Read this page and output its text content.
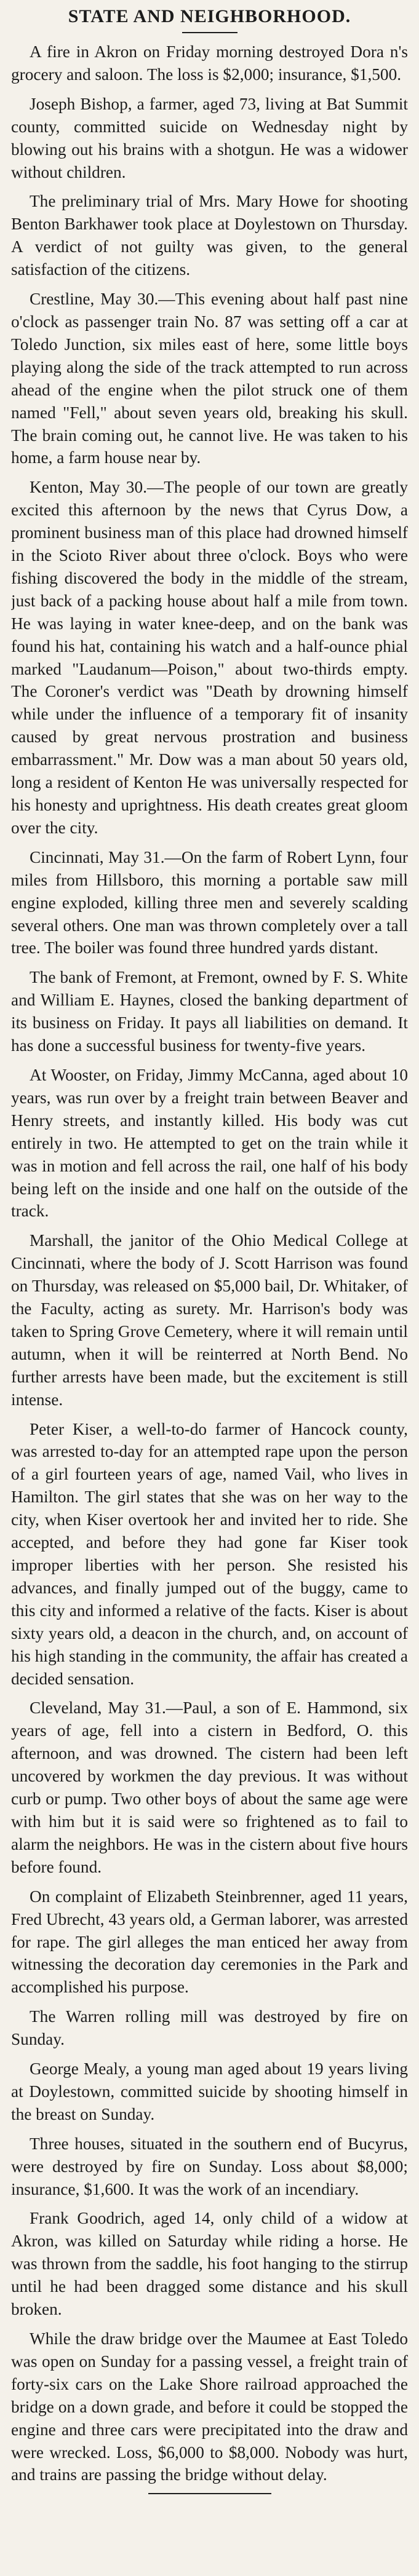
STATE AND NEIGHBORHOOD.

A fire in Akron on Friday morning destroyed Dora n's grocery and saloon. The loss is $2,000; insurance, $1,500.

Joseph Bishop, a farmer, aged 73, living at Bat Summit county, committed suicide on Wednesday night by blowing out his brains with a shotgun. He was a widower without children.

The preliminary trial of Mrs. Mary Howe for shooting Benton Barkhawer took place at Doylestown on Thursday. A verdict of not guilty was given, to the general satisfaction of the citizens.

Crestline, May 30.—This evening about half past nine o'clock as passenger train No. 87 was setting off a car at Toledo Junction, six miles east of here, some little boys playing along the side of the track attempted to run across ahead of the engine when the pilot struck one of them named "Fell," about seven years old, breaking his skull. The brain coming out, he cannot live. He was taken to his home, a farm house near by.

Kenton, May 30.—The people of our town are greatly excited this afternoon by the news that Cyrus Dow, a prominent business man of this place had drowned himself in the Scioto River about three o'clock. Boys who were fishing discovered the body in the middle of the stream, just back of a packing house about half a mile from town. He was laying in water knee-deep, and on the bank was found his hat, containing his watch and a half-ounce phial marked "Laudanum—Poison," about two-thirds empty. The Coroner's verdict was "Death by drowning himself while under the influence of a temporary fit of insanity caused by great nervous prostration and business embarrassment." Mr. Dow was a man about 50 years old, long a resident of Kenton He was universally respected for his honesty and uprightness. His death creates great gloom over the city.

Cincinnati, May 31.—On the farm of Robert Lynn, four miles from Hillsboro, this morning a portable saw mill engine exploded, killing three men and severely scalding several others. One man was thrown completely over a tall tree. The boiler was found three hundred yards distant.

The bank of Fremont, at Fremont, owned by F. S. White and William E. Haynes, closed the banking department of its business on Friday. It pays all liabilities on demand. It has done a successful business for twenty-five years.

At Wooster, on Friday, Jimmy McCanna, aged about 10 years, was run over by a freight train between Beaver and Henry streets, and instantly killed. His body was cut entirely in two. He attempted to get on the train while it was in motion and fell across the rail, one half of his body being left on the inside and one half on the outside of the track.

Marshall, the janitor of the Ohio Medical College at Cincinnati, where the body of J. Scott Harrison was found on Thursday, was released on $5,000 bail, Dr. Whitaker, of the Faculty, acting as surety. Mr. Harrison's body was taken to Spring Grove Cemetery, where it will remain until autumn, when it will be reinterred at North Bend. No further arrests have been made, but the excitement is still intense.

Peter Kiser, a well-to-do farmer of Hancock county, was arrested to-day for an attempted rape upon the person of a girl fourteen years of age, named Vail, who lives in Hamilton. The girl states that she was on her way to the city, when Kiser overtook her and invited her to ride. She accepted, and before they had gone far Kiser took improper liberties with her person. She resisted his advances, and finally jumped out of the buggy, came to this city and informed a relative of the facts. Kiser is about sixty years old, a deacon in the church, and, on account of his high standing in the community, the affair has created a decided sensation.

Cleveland, May 31.—Paul, a son of E. Hammond, six years of age, fell into a cistern in Bedford, O. this afternoon, and was drowned. The cistern had been left uncovered by workmen the day previous. It was without curb or pump. Two other boys of about the same age were with him but it is said were so frightened as to fail to alarm the neighbors. He was in the cistern about five hours before found.

On complaint of Elizabeth Steinbrenner, aged 11 years, Fred Ubrecht, 43 years old, a German laborer, was arrested for rape. The girl alleges the man enticed her away from witnessing the decoration day ceremonies in the Park and accomplished his purpose.

The Warren rolling mill was destroyed by fire on Sunday.

George Mealy, a young man aged about 19 years living at Doylestown, committed suicide by shooting himself in the breast on Sunday.

Three houses, situated in the southern end of Bucyrus, were destroyed by fire on Sunday. Loss about $8,000; insurance, $1,600. It was the work of an incendiary.

Frank Goodrich, aged 14, only child of a widow at Akron, was killed on Saturday while riding a horse. He was thrown from the saddle, his foot hanging to the stirrup until he had been dragged some distance and his skull broken.

While the draw bridge over the Maumee at East Toledo was open on Sunday for a passing vessel, a freight train of forty-six cars on the Lake Shore railroad approached the bridge on a down grade, and before it could be stopped the engine and three cars were precipitated into the draw and were wrecked. Loss, $6,000 to $8,000. Nobody was hurt, and trains are passing the bridge without delay.
